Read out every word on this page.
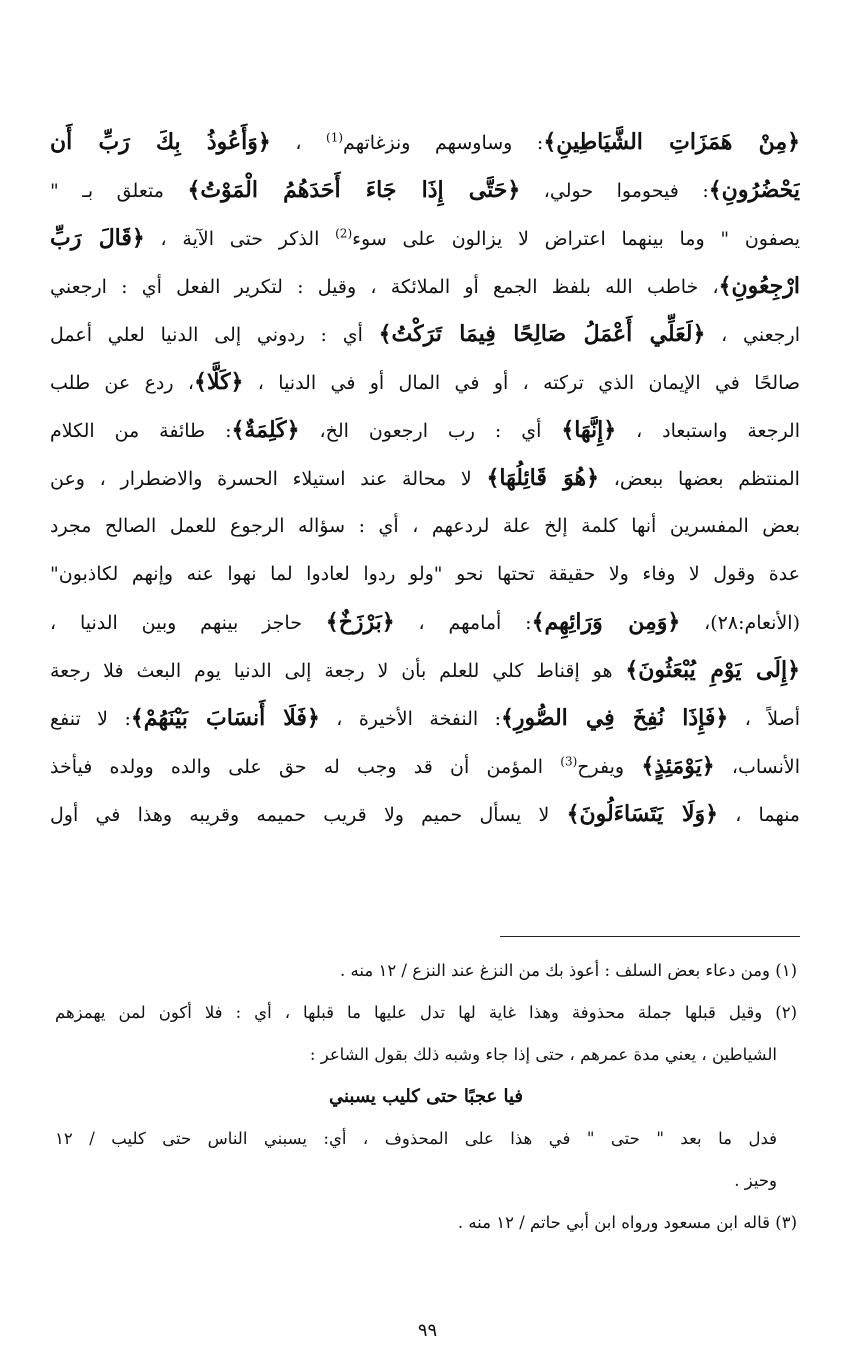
﴿مِنْ هَمَزَاتِ الشَّيَاطِينِ﴾: وساوسهم ونزغاتهم$^{(1)}$ ، ﴿وَأَعُوذُ بِكَ رَبِّ أَن
يَحْضُرُونِ﴾: فيحوموا حولي، ﴿حَتَّى إِذَا جَاءَ أَحَدَهُمُ الْمَوْتُ﴾ متعلق بـ "
يصفون " وما بينهما اعتراض لا يزالون على سوء$^{(2)}$ الذكر حتى الآية ، ﴿قَالَ رَبِّ
ارْجِعُونِ﴾، خاطب الله بلفظ الجمع أو الملائكة ، وقيل : لتكرير الفعل أي : ارجعني
ارجعني ، ﴿لَعَلِّي أَعْمَلُ صَالِحًا فِيمَا تَرَكْتُ﴾ أي : ردوني إلى الدنيا لعلي أعمل
صالحًا في الإيمان الذي تركته ، أو في المال أو في الدنيا ، ﴿كَلَّا﴾، ردع عن طلب
الرجعة واستبعاد ، ﴿إِنَّهَا﴾ أي : رب ارجعون الخ، ﴿كَلِمَةٌ﴾: طائفة من الكلام
المنتظم بعضها ببعض، ﴿هُوَ قَائِلُهَا﴾ لا محالة عند استيلاء الحسرة والاضطرار ، وعن
بعض المفسرين أنها كلمة إلخ علة لردعهم ، أي : سؤاله الرجوع للعمل الصالح مجرد
عدة وقول لا وفاء ولا حقيقة تحتها نحو "ولو ردوا لعادوا لما نهوا عنه وإنهم لكاذبون"
(الأنعام:٢٨)، ﴿وَمِن وَرَائِهِم﴾: أمامهم ، ﴿بَرْزَخٌ﴾ حاجز بينهم وبين الدنيا ،
﴿إِلَى يَوْمِ يُبْعَثُونَ﴾ هو إقناط كلي للعلم بأن لا رجعة إلى الدنيا يوم البعث فلا رجعة
أصلاً ، ﴿فَإِذَا نُفِخَ فِي الصُّورِ﴾: النفخة الأخيرة ، ﴿فَلَا أَنسَابَ بَيْنَهُمْ﴾: لا تنفع
الأنساب، ﴿يَوْمَئِذٍ﴾ ويفرح$^{(3)}$ المؤمن أن قد وجب له حق على والده وولده فيأخذ
منهما ، ﴿وَلَا يَتَسَاءَلُونَ﴾ لا يسأل حميم ولا قريب حميمه وقريبه وهذا في أول
(١) ومن دعاء بعض السلف : أعوذ بك من النزغ عند النزع / ١٢ منه .
(٢) وقيل قبلها جملة محذوفة وهذا غاية لها تدل عليها ما قبلها ، أي : فلا أكون لمن يهمزهم
الشياطين ، يعني مدة عمرهم ، حتى إذا جاء وشبه ذلك بقول الشاعر :
فيا عجبًا حتى كليب يسبني
فدل ما بعد " حتى " في هذا على المحذوف ، أي: يسبني الناس حتى كليب / ١٢
وحيز .
(٣) قاله ابن مسعود ورواه ابن أبي حاتم / ١٢ منه .
٩٩
